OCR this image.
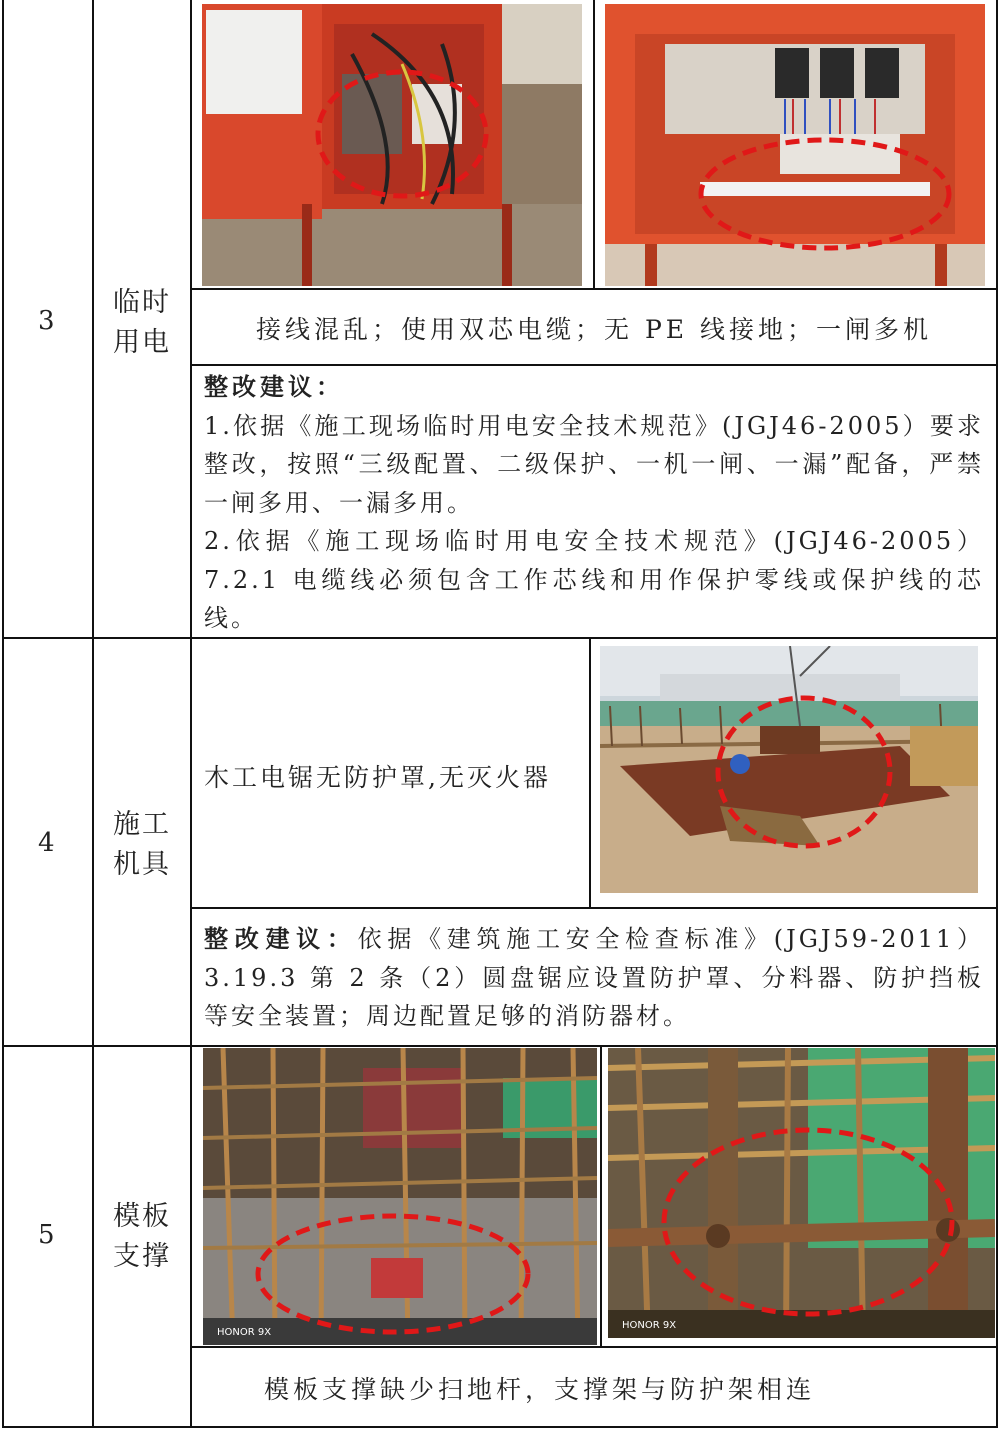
3
临时
用电	接线混乱；使用双芯电缆；无 PE 线接地；一闸多机

整改建议：

1.依据《施工现场临时用电安全技术规范》(JGJ46-2005）要求整改，按照“三级配置、二级保护、一机一闸、一漏”配备，严禁一闸多用、一漏多用。

2.依据《施工现场临时用电安全技术规范》(JGJ46-2005）7.2.1 电缆线必须包含工作芯线和用作保护零线或保护线的芯线。

4
施工
机具
木工电锯无防护罩,无灭火器

整改建议：依据《建筑施工安全检查标准》(JGJ59-2011）3.19.3 第 2 条（2）圆盘锯应设置防护罩、分料器、防护挡板等安全装置；周边配置足够的消防器材。

5
模板
支撑
HONOR 9X
HONOR 9X
模板支撑缺少扫地杆，支撑架与防护架相连
